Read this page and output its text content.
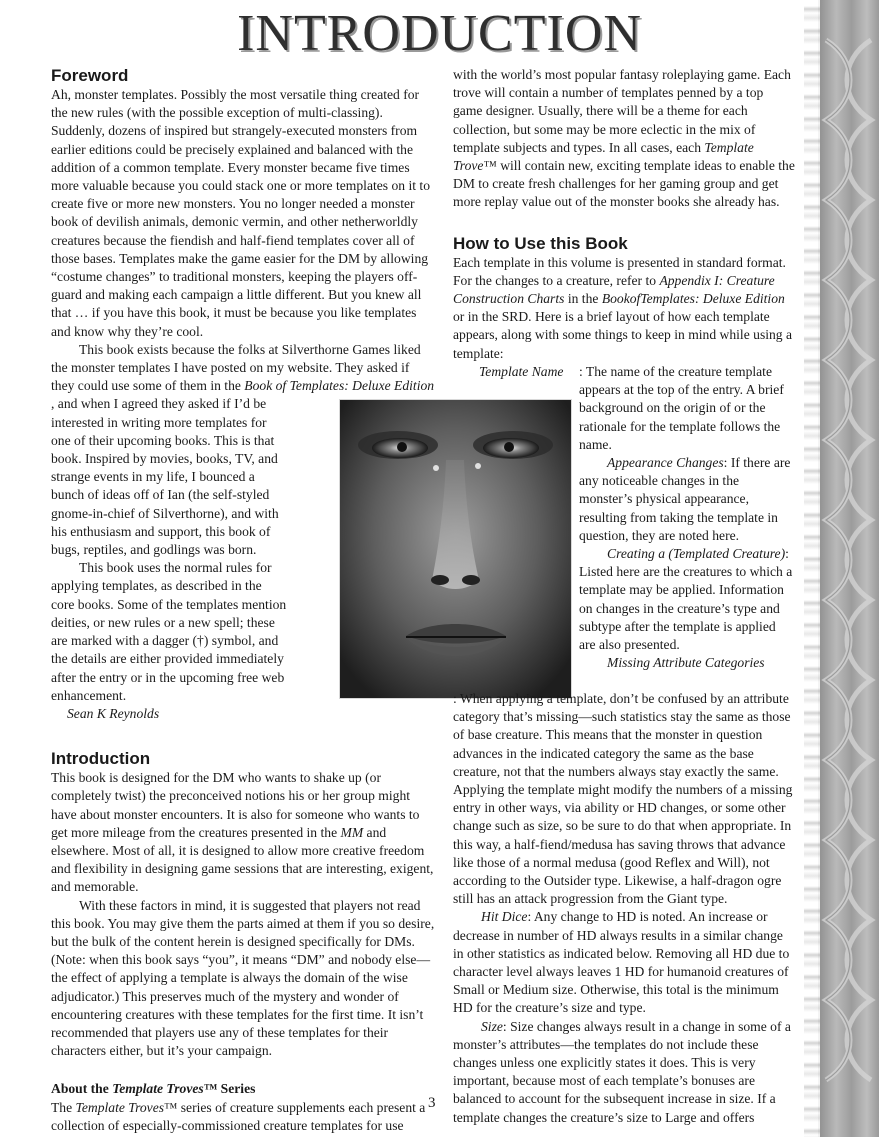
INTRODUCTION

Foreword

Ah, monster templates. Possibly the most versatile thing created for the new rules (with the possible exception of multi-classing). Suddenly, dozens of inspired but strangely-executed monsters from earlier editions could be precisely explained and balanced with the addition of a common template. Every monster became five times more valuable because you could stack one or more templates on it to create five or more new monsters. You no longer needed a monster book of devilish animals, demonic vermin, and other netherworldly creatures because the fiendish and half-fiend templates cover all of those bases. Templates make the game easier for the DM by allowing “costume changes” to traditional monsters, keeping the players off-guard and making each campaign a little different. But you knew all that … if you have this book, it must be because you like templates and know why they’re cool.

This book exists because the folks at Silverthorne Games liked the monster templates I have posted on my website. They asked if they could use some of them in the Book of Templates: Deluxe Edition
, and when I agreed they asked if I’d be interested in writing more templates for one of their upcoming books. This is that book. Inspired by movies, books, TV, and strange events in my life, I bounced a bunch of ideas off of Ian (the self-styled gnome-in-chief of Silverthorne), and with his enthusiasm and support, this book of bugs, reptiles, and godlings was born.

This book uses the normal rules for applying templates, as described in the core books. Some of the templates mention deities, or new rules or a new spell; these are marked with a dagger (†) symbol, and the details are either provided immediately after the entry or in the upcoming free web enhancement.

Sean K Reynolds

Introduction

This book is designed for the DM who wants to shake up (or completely twist) the preconceived notions his or her group might have about monster encounters. It is also for someone who wants to get more mileage from the creatures presented in the MM and elsewhere. Most of all, it is designed to allow more creative freedom and flexibility in designing game sessions that are interesting, exigent, and memorable.

With these factors in mind, it is suggested that players not read this book. You may give them the parts aimed at them if you so desire, but the bulk of the content herein is designed specifically for DMs. (Note: when this book says “you”, it means “DM” and nobody else—the effect of applying a template is always the domain of the wise adjudicator.) This preserves much of the mystery and wonder of encountering creatures with these templates for the first time. It isn’t recommended that players use any of these templates for their characters either, but it’s your campaign.

About the Template Troves™ Series

The Template Troves™ series of creature supplements each present a collection of especially-commissioned creature templates for use

with the world’s most popular fantasy roleplaying game. Each trove will contain a number of templates penned by a top game designer. Usually, there will be a theme for each collection, but some may be more eclectic in the mix of template subjects and types. In all cases, each Template Trove™ will contain new, exciting template ideas to enable the DM to create fresh challenges for her gaming group and get more replay value out of the monster books she already has.

How to Use this Book

Each template in this volume is presented in standard format. For the changes to a creature, refer to Appendix I: Creature Construction Charts in the BookofTemplates: Deluxe Edition or in the SRD. Here is a brief layout of how each template appears, along with some things to keep in mind while using a template:

Template Name	: The name of the creature template appears at the top of the entry. A brief background on the origin of or the rationale for the template follows the name.

Appearance Changes: If there are any noticeable changes in the monster’s physical appearance, resulting from taking the template in question, they are noted here.

Creating a (Templated Creature): Listed here are the creatures to which a template may be applied. Information on changes in the creature’s type and subtype after the template is applied are also presented.

Missing Attribute Categories

: When applying a template, don’t be confused by an attribute category that’s missing—such statistics stay the same as those of base creature. This means that the monster in question advances in the indicated category the same as the base creature, not that the numbers always stay exactly the same. Applying the template might modify the numbers of a missing entry in other ways, via ability or HD changes, or some other change such as size, so be sure to do that when appropriate. In this way, a half-fiend/medusa has saving throws that advance like those of a normal medusa (good Reflex and Will), not according to the Outsider type. Likewise, a half-dragon ogre still has an attack progression from the Giant type.

Hit Dice: Any change to HD is noted. An increase or decrease in number of HD always results in a similar change in other statistics as indicated below. Removing all HD due to character level always leaves 1 HD for humanoid creatures of Small or Medium size. Otherwise, this total is the minimum HD for the creature’s size and type.

Size: Size changes always result in a change in some of a monster’s attributes—the templates do not include these changes unless one explicitly states it does. This is very important, because most of each template’s bonuses are balanced to account for the subsequent increase in size. If a template changes the creature’s size to Large and offers

3
